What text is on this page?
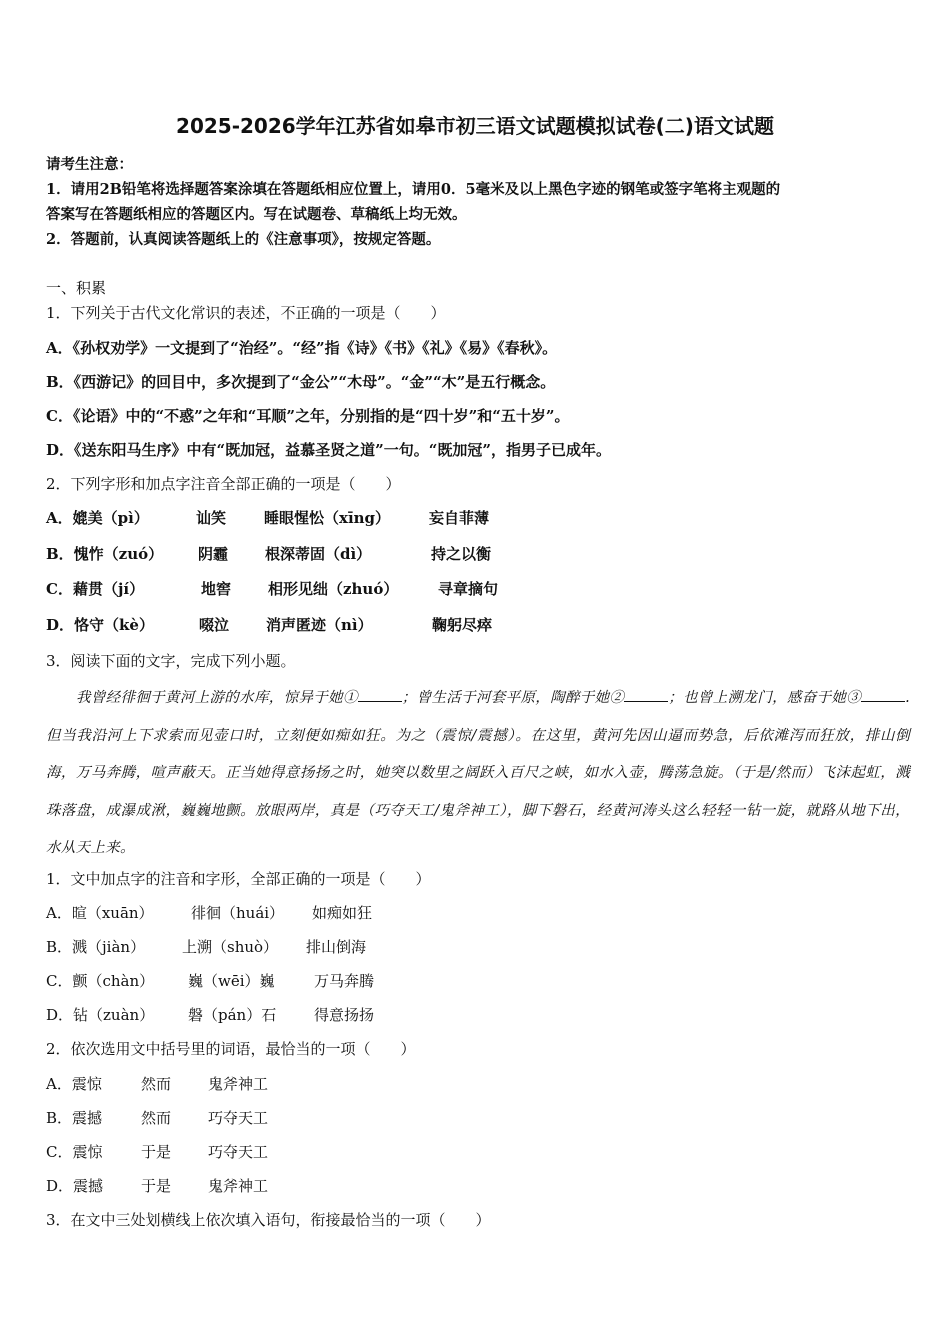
2025-2026学年江苏省如皋市初三语文试题模拟试卷(二)语文试题
请考生注意：
1．请用2B铅笔将选择题答案涂填在答题纸相应位置上，请用0．5毫米及以上黑色字迹的钢笔或签字笔将主观题的
答案写在答题纸相应的答题区内。写在试题卷、草稿纸上均无效。
2．答题前，认真阅读答题纸上的《注意事项》，按规定答题。
一、积累
1．下列关于古代文化常识的表述，不正确的一项是（　　）
A．《孙权劝学》一文提到了“治经”。“经”指《诗》《书》《礼》《易》《春秋》。
B．《西游记》的回目中，多次提到了“金公”“木母”。“金”“木”是五行概念。
C．《论语》中的“不惑”之年和“耳顺”之年，分别指的是“四十岁”和“五十岁”。
D．《送东阳马生序》中有“既加冠，益慕圣贤之道”一句。“既加冠”，指男子已成年。
2．下列字形和加点字注音全部正确的一项是（　　）
A．媲美（pì）	讪笑	睡眼惺忪（xīng）	妄自菲薄
B．愧怍（zuó） 阴霾 根深蒂固（dì）	持之以衡
C．藉贯（jí）	地窖 相形见绌（zhuó）	寻章摘句
D．恪守（kè）	啜泣 消声匿迹（nì）	鞠躬尽瘁
3．阅读下面的文字，完成下列小题。
我曾经徘徊于黄河上游的水库，惊异于她①	；曾生活于河套平原，陶醉于她②	；也曾上溯龙门，感奋于她③	.但当我沿河上下求索而见壶口时，立刻便如痴如狂。为之（震惊/震撼）。在这里，黄河先因山逼而势急，后依滩泻而狂放，排山倒海，万马奔腾，喧声蔽天。正当她得意扬扬之时，她突以数里之阔跃入百尺之峡，如水入壶，腾荡急旋。（于是/然而）飞沫起虹，溅珠落盘，成瀑成湫，巍巍地颤。放眼两岸，真是（巧夺天工/鬼斧神工），脚下磐石，经黄河涛头这么轻轻一钻一旋，就路从地下出，水从天上来。
1．文中加点字的注音和字形，全部正确的一项是（　　）
A．暄（xuān） 徘徊（huái） 如痴如狂
B．溅（jiàn） 上溯（shuò） 排山倒海
C．颤（chàn） 巍（wēi）巍	万马奔腾
D．钻（zuàn） 磐（pán）石	得意扬扬
2．依次选用文中括号里的词语，最恰当的一项（　　）
A．震惊	然而 鬼斧神工
B．震撼	然而 巧夺天工
C．震惊	于是 巧夺天工
D．震撼	于是 鬼斧神工
3．在文中三处划横线上依次填入语句，衔接最恰当的一项（　　）
